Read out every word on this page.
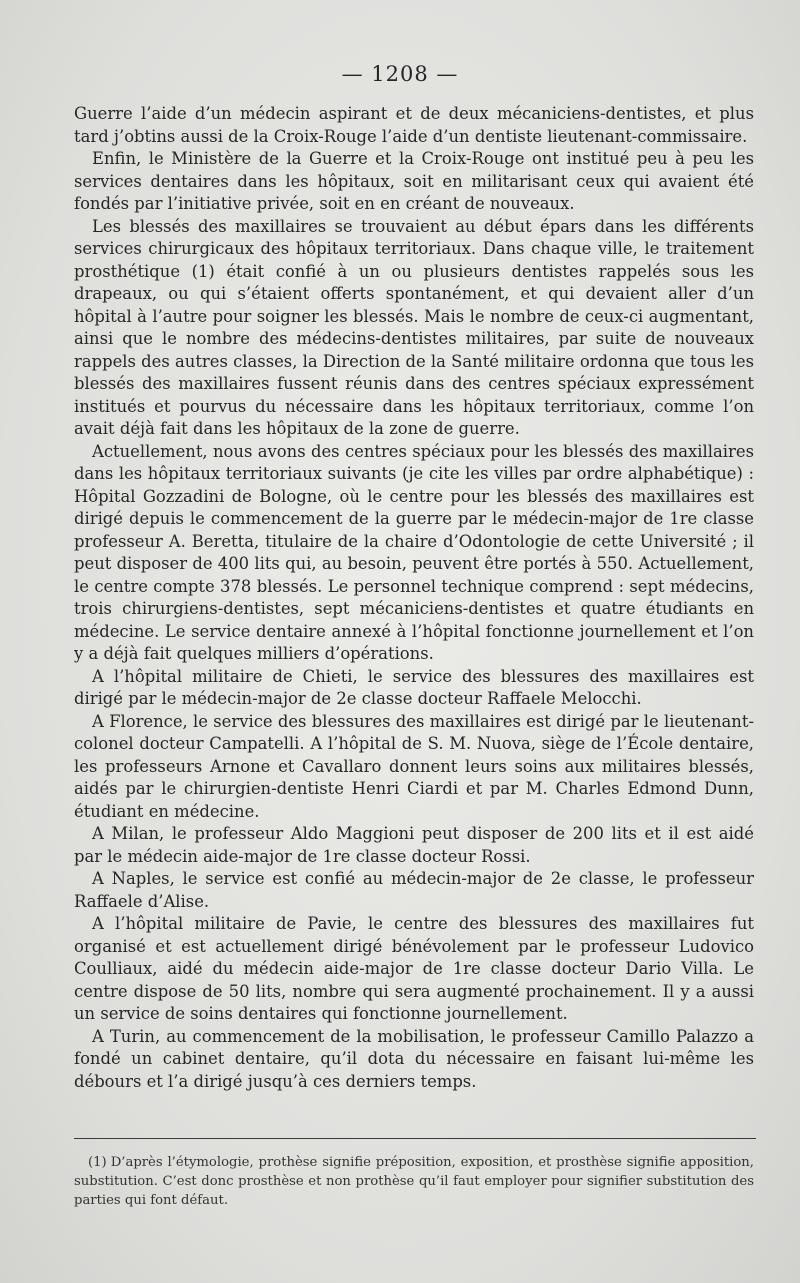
— 1208 —

Guerre l’aide d’un médecin aspirant et de deux mécaniciens-dentistes, et plus tard j’obtins aussi de la Croix-Rouge l’aide d’un dentiste lieutenant-commissaire.

Enfin, le Ministère de la Guerre et la Croix-Rouge ont institué peu à peu les services dentaires dans les hôpitaux, soit en militarisant ceux qui avaient été fondés par l’initiative privée, soit en en créant de nouveaux.

Les blessés des maxillaires se trouvaient au début épars dans les différents services chirurgicaux des hôpitaux territoriaux. Dans chaque ville, le traitement prosthétique (1) était confié à un ou plusieurs dentistes rappelés sous les drapeaux, ou qui s’étaient offerts spontanément, et qui devaient aller d’un hôpital à l’autre pour soigner les blessés. Mais le nombre de ceux-ci augmentant, ainsi que le nombre des médecins-dentistes militaires, par suite de nouveaux rappels des autres classes, la Direction de la Santé militaire ordonna que tous les blessés des maxillaires fussent réunis dans des centres spéciaux expressément institués et pourvus du nécessaire dans les hôpitaux territoriaux, comme l’on avait déjà fait dans les hôpitaux de la zone de guerre.

Actuellement, nous avons des centres spéciaux pour les blessés des maxillaires dans les hôpitaux territoriaux suivants (je cite les villes par ordre alphabétique) : Hôpital Gozzadini de Bologne, où le centre pour les blessés des maxillaires est dirigé depuis le commencement de la guerre par le médecin-major de 1re classe professeur A. Beretta, titulaire de la chaire d’Odontologie de cette Université ; il peut disposer de 400 lits qui, au besoin, peuvent être portés à 550. Actuellement, le centre compte 378 blessés. Le personnel technique comprend : sept médecins, trois chirurgiens-dentistes, sept mécaniciens-dentistes et quatre étudiants en médecine. Le service dentaire annexé à l’hôpital fonctionne journellement et l’on y a déjà fait quelques milliers d’opérations.

A l’hôpital militaire de Chieti, le service des blessures des maxillaires est dirigé par le médecin-major de 2e classe docteur Raffaele Melocchi.

A Florence, le service des blessures des maxillaires est dirigé par le lieutenant-colonel docteur Campatelli. A l’hôpital de S. M. Nuova, siège de l’École dentaire, les professeurs Arnone et Cavallaro donnent leurs soins aux militaires blessés, aidés par le chirurgien-dentiste Henri Ciardi et par M. Charles Edmond Dunn, étudiant en médecine.

A Milan, le professeur Aldo Maggioni peut disposer de 200 lits et il est aidé par le médecin aide-major de 1re classe docteur Rossi.

A Naples, le service est confié au médecin-major de 2e classe, le professeur Raffaele d’Alise.

A l’hôpital militaire de Pavie, le centre des blessures des maxillaires fut organisé et est actuellement dirigé bénévolement par le professeur Ludovico Coulliaux, aidé du médecin aide-major de 1re classe docteur Dario Villa. Le centre dispose de 50 lits, nombre qui sera augmenté prochainement. Il y a aussi un service de soins dentaires qui fonctionne journellement.

A Turin, au commencement de la mobilisation, le professeur Camillo Palazzo a fondé un cabinet dentaire, qu’il dota du nécessaire en faisant lui-même les débours et l’a dirigé jusqu’à ces derniers temps.

(1) D’après l’étymologie, prothèse signifie préposition, exposition, et prosthèse signifie apposition, substitution. C’est donc prosthèse et non prothèse qu’il faut employer pour signifier substitution des parties qui font défaut.
